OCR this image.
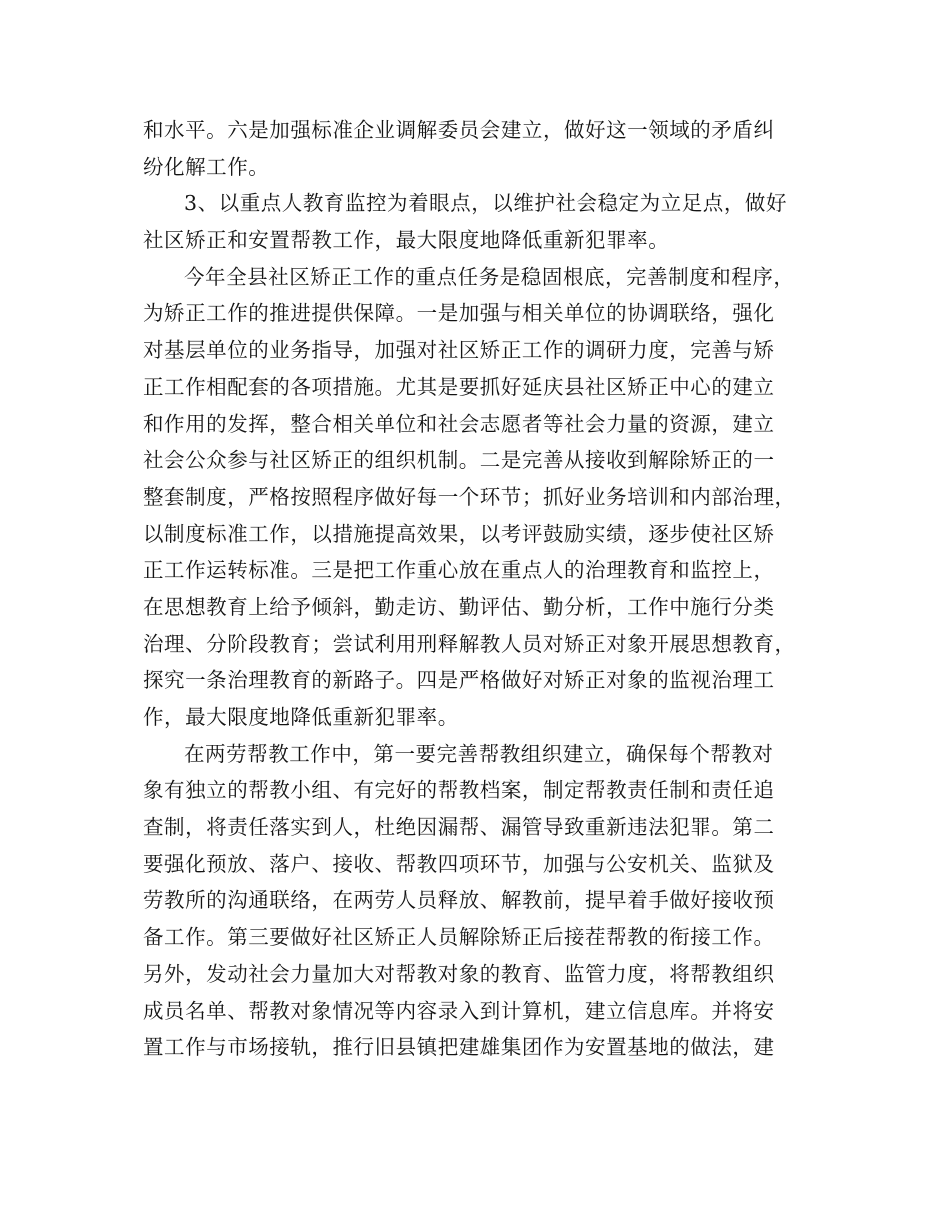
和水平。六是加强标准企业调解委员会建立，做好这一领域的矛盾纠
纷化解工作。
3、以重点人教育监控为着眼点，以维护社会稳定为立足点，做好
社区矫正和安置帮教工作，最大限度地降低重新犯罪率。
今年全县社区矫正工作的重点任务是稳固根底，完善制度和程序，
为矫正工作的推进提供保障。一是加强与相关单位的协调联络，强化
对基层单位的业务指导，加强对社区矫正工作的调研力度，完善与矫
正工作相配套的各项措施。尤其是要抓好延庆县社区矫正中心的建立
和作用的发挥，整合相关单位和社会志愿者等社会力量的资源，建立
社会公众参与社区矫正的组织机制。二是完善从接收到解除矫正的一
整套制度，严格按照程序做好每一个环节；抓好业务培训和内部治理，
以制度标准工作，以措施提高效果，以考评鼓励实绩，逐步使社区矫
正工作运转标准。三是把工作重心放在重点人的治理教育和监控上，
在思想教育上给予倾斜，勤走访、勤评估、勤分析，工作中施行分类
治理、分阶段教育；尝试利用刑释解教人员对矫正对象开展思想教育，
探究一条治理教育的新路子。四是严格做好对矫正对象的监视治理工
作，最大限度地降低重新犯罪率。
在两劳帮教工作中，第一要完善帮教组织建立，确保每个帮教对
象有独立的帮教小组、有完好的帮教档案，制定帮教责任制和责任追
查制，将责任落实到人，杜绝因漏帮、漏管导致重新违法犯罪。第二
要强化预放、落户、接收、帮教四项环节，加强与公安机关、监狱及
劳教所的沟通联络，在两劳人员释放、解教前，提早着手做好接收预
备工作。第三要做好社区矫正人员解除矫正后接茬帮教的衔接工作。
另外，发动社会力量加大对帮教对象的教育、监管力度，将帮教组织
成员名单、帮教对象情况等内容录入到计算机，建立信息库。并将安
置工作与市场接轨，推行旧县镇把建雄集团作为安置基地的做法，建
